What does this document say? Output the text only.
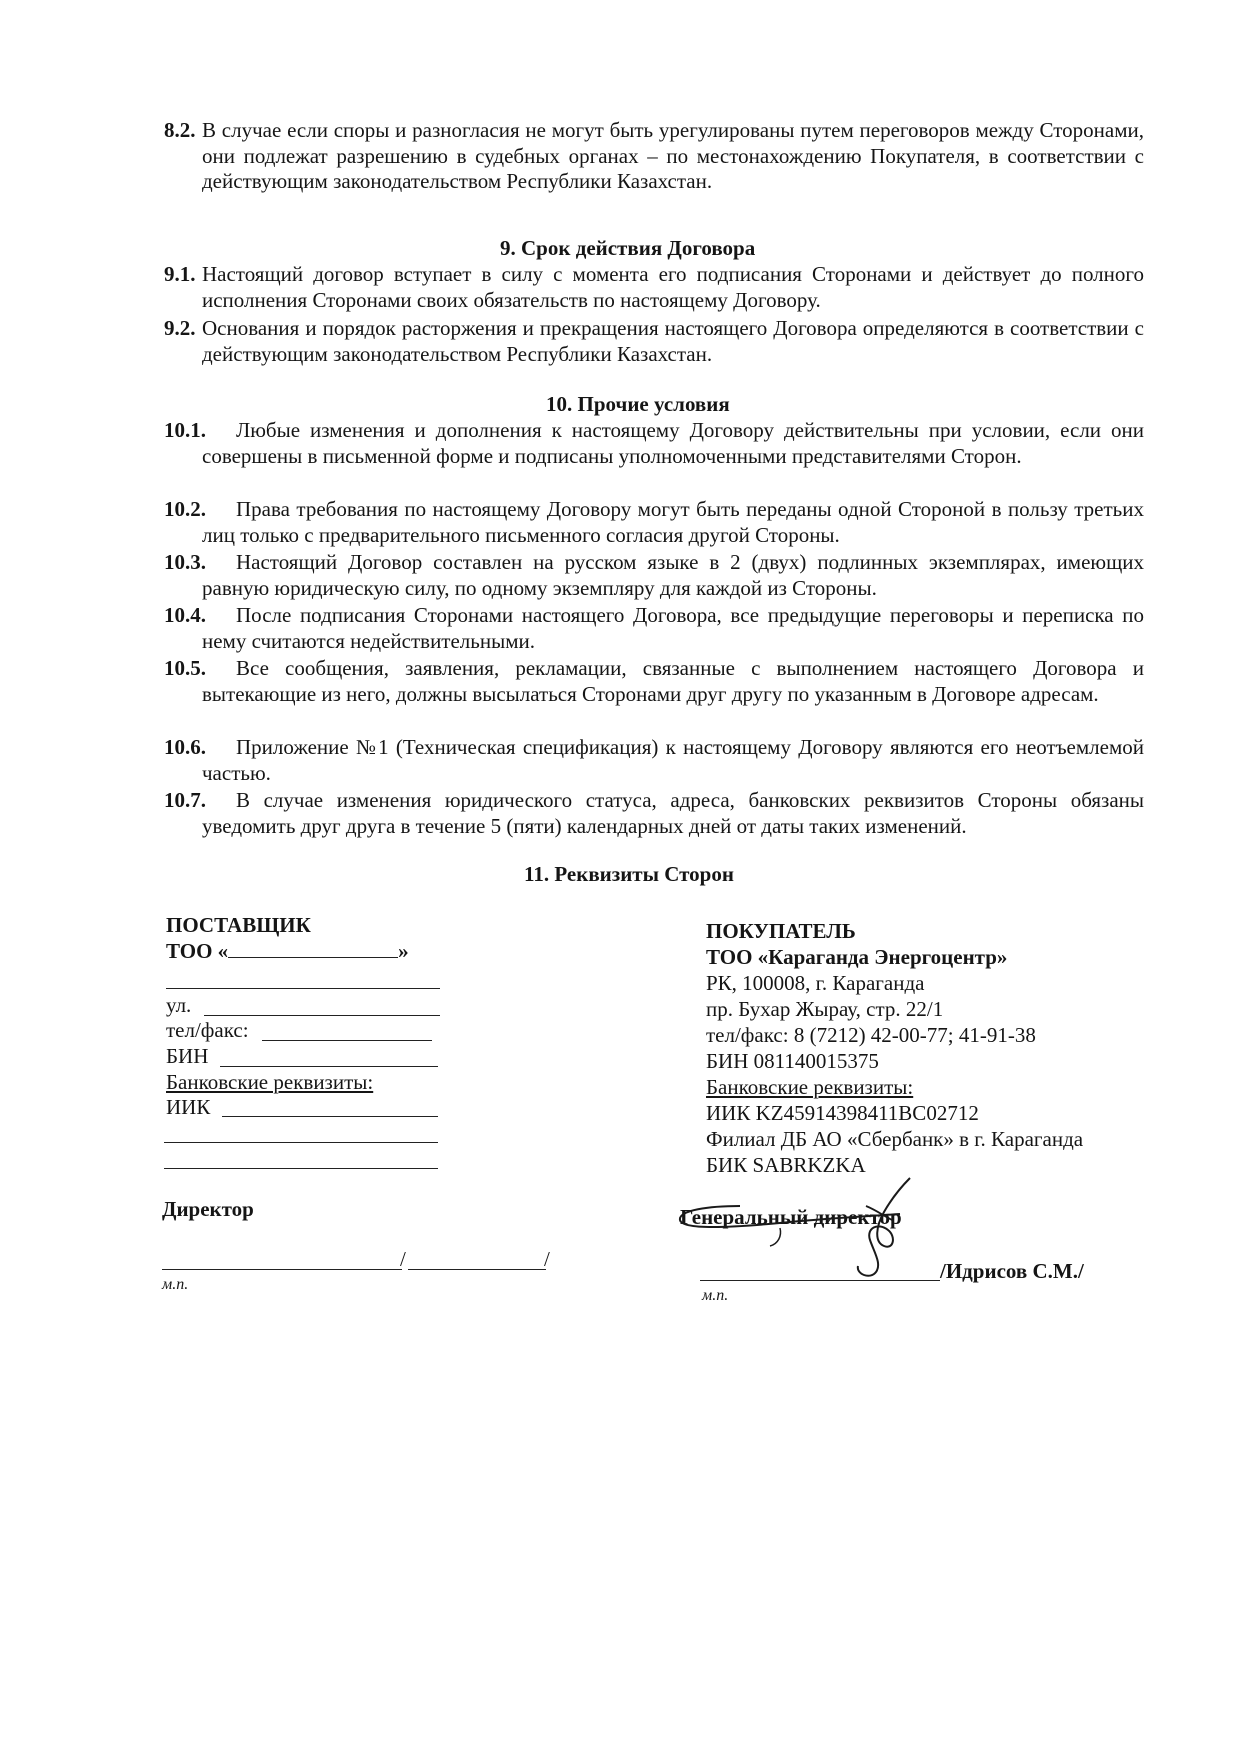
8.2. В случае если споры и разногласия не могут быть урегулированы путем переговоров между Сторонами, они подлежат разрешению в судебных органах – по местонахождению Покупателя, в соответствии с действующим законодательством Республики Казахстан.
9. Срок действия Договора
9.1. Настоящий договор вступает в силу с момента его подписания Сторонами и действует до полного исполнения Сторонами своих обязательств по настоящему Договору.
9.2. Основания и порядок расторжения и прекращения настоящего Договора определяются в соответствии с действующим законодательством Республики Казахстан.
10. Прочие условия
10.1.	Любые изменения и дополнения к настоящему Договору действительны при условии, если они совершены в письменной форме и подписаны уполномоченными представителями Сторон.
10.2.	Права требования по настоящему Договору могут быть переданы одной Стороной в пользу третьих лиц только с предварительного письменного согласия другой Стороны.
10.3.	Настоящий Договор составлен на русском языке в 2 (двух) подлинных экземплярах, имеющих равную юридическую силу, по одному экземпляру для каждой из Стороны.
10.4.	После подписания Сторонами настоящего Договора, все предыдущие переговоры и переписка по нему считаются недействительными.
10.5.	Все сообщения, заявления, рекламации, связанные с выполнением настоящего Договора и вытекающие из него, должны высылаться Сторонами друг другу по указанным в Договоре адресам.
10.6.	Приложение №1 (Техническая спецификация) к настоящему Договору являются его неотъемлемой частью.
10.7.	В случае изменения юридического статуса, адреса, банковских реквизитов Стороны обязаны уведомить друг друга в течение 5 (пяти) календарных дней от даты таких изменений.
11. Реквизиты Сторон
ПОСТАВЩИК
ТОО «	»
ул.
тел/факс:
БИН
Банковские реквизиты:
ИИК
Директор
/	/
м.п.
ПОКУПАТЕЛЬ
ТОО «Караганда Энергоцентр»
РК, 100008, г. Караганда
пр. Бухар Жырау, стр. 22/1
тел/факс: 8 (7212) 42-00-77; 41-91-38
БИН 081140015375
Банковские реквизиты:
ИИК KZ45914398411BC02712
Филиал ДБ АО «Сбербанк» в г. Караганда
БИК SABRKZKA
Генеральный директор
/Идрисов С.М./
м.п.
